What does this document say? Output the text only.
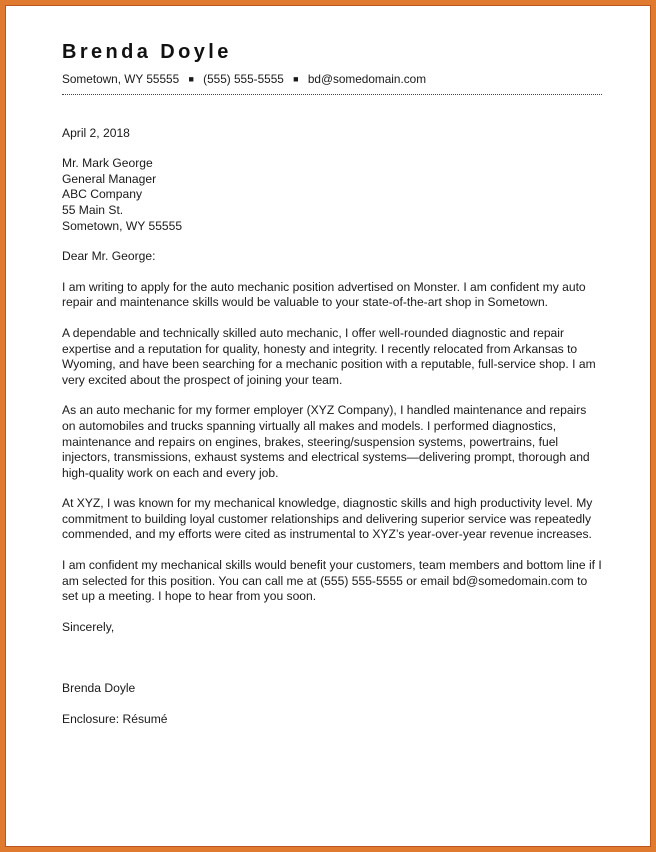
Brenda Doyle
Sometown, WY 55555 ■ (555) 555-5555 ■ bd@somedomain.com
April 2, 2018
Mr. Mark George
General Manager
ABC Company
55 Main St.
Sometown, WY 55555
Dear Mr. George:

I am writing to apply for the auto mechanic position advertised on Monster. I am confident my auto repair and maintenance skills would be valuable to your state-of-the-art shop in Sometown.

A dependable and technically skilled auto mechanic, I offer well-rounded diagnostic and repair expertise and a reputation for quality, honesty and integrity. I recently relocated from Arkansas to Wyoming, and have been searching for a mechanic position with a reputable, full-service shop. I am very excited about the prospect of joining your team.

As an auto mechanic for my former employer (XYZ Company), I handled maintenance and repairs on automobiles and trucks spanning virtually all makes and models. I performed diagnostics, maintenance and repairs on engines, brakes, steering/suspension systems, powertrains, fuel injectors, transmissions, exhaust systems and electrical systems—delivering prompt, thorough and high-quality work on each and every job.

At XYZ, I was known for my mechanical knowledge, diagnostic skills and high productivity level. My commitment to building loyal customer relationships and delivering superior service was repeatedly commended, and my efforts were cited as instrumental to XYZ’s year-over-year revenue increases.

I am confident my mechanical skills would benefit your customers, team members and bottom line if I am selected for this position. You can call me at (555) 555-5555 or email bd@somedomain.com to set up a meeting. I hope to hear from you soon.

Sincerely,
Brenda Doyle
Enclosure: Résumé
